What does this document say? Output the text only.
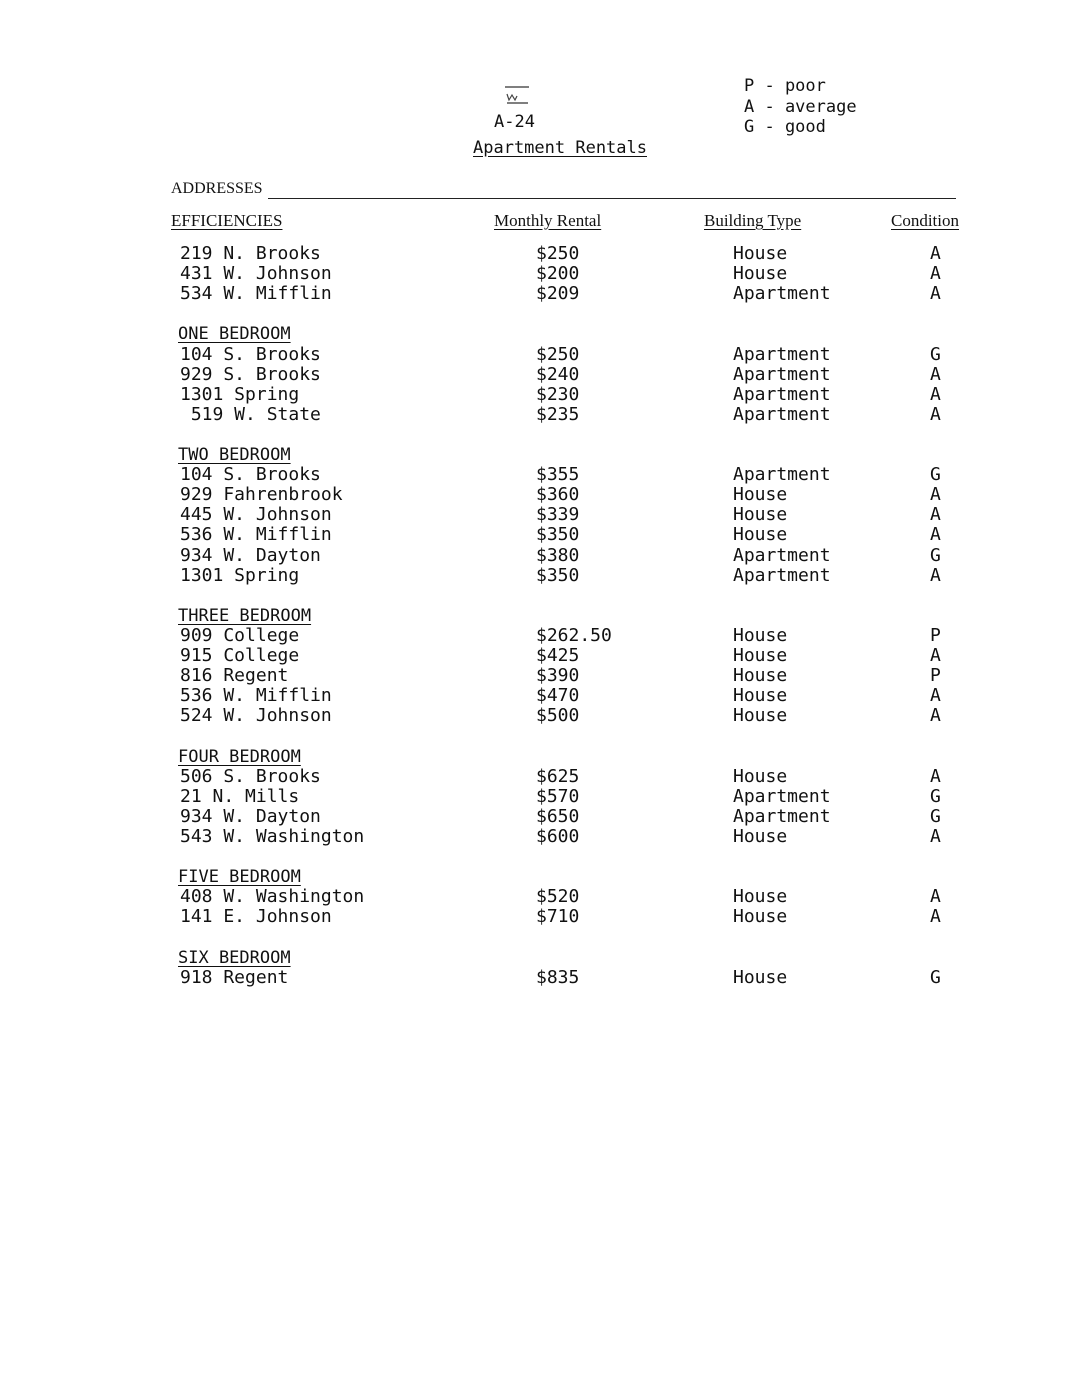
A-24
Apartment Rentals
P - poor
A - average
G - good
ADDRESSES
EFFICIENCIES	Monthly Rental	Building Type	Condition
219 N. Brooks	$250	House	A
431 W. Johnson	$200	House	A
534 W. Mifflin	$209	Apartment	A
ONE BEDROOM
104 S. Brooks	$250	Apartment	G
929 S. Brooks	$240	Apartment	A
1301 Spring	$230	Apartment	A
519 W. State	$235	Apartment	A
TWO BEDROOM
104 S. Brooks	$355	Apartment	G
929 Fahrenbrook	$360	House	A
445 W. Johnson	$339	House	A
536 W. Mifflin	$350	House	A
934 W. Dayton	$380	Apartment	G
1301 Spring	$350	Apartment	A
THREE BEDROOM
909 College	$262.50	House	P
915 College	$425	House	A
816 Regent	$390	House	P
536 W. Mifflin	$470	House	A
524 W. Johnson	$500	House	A
FOUR BEDROOM
506 S. Brooks	$625	House	A
21 N. Mills	$570	Apartment	G
934 W. Dayton	$650	Apartment	G
543 W. Washington	$600	House	A
FIVE BEDROOM
408 W. Washington	$520	House	A
141 E. Johnson	$710	House	A
SIX BEDROOM
918 Regent	$835	House	G
